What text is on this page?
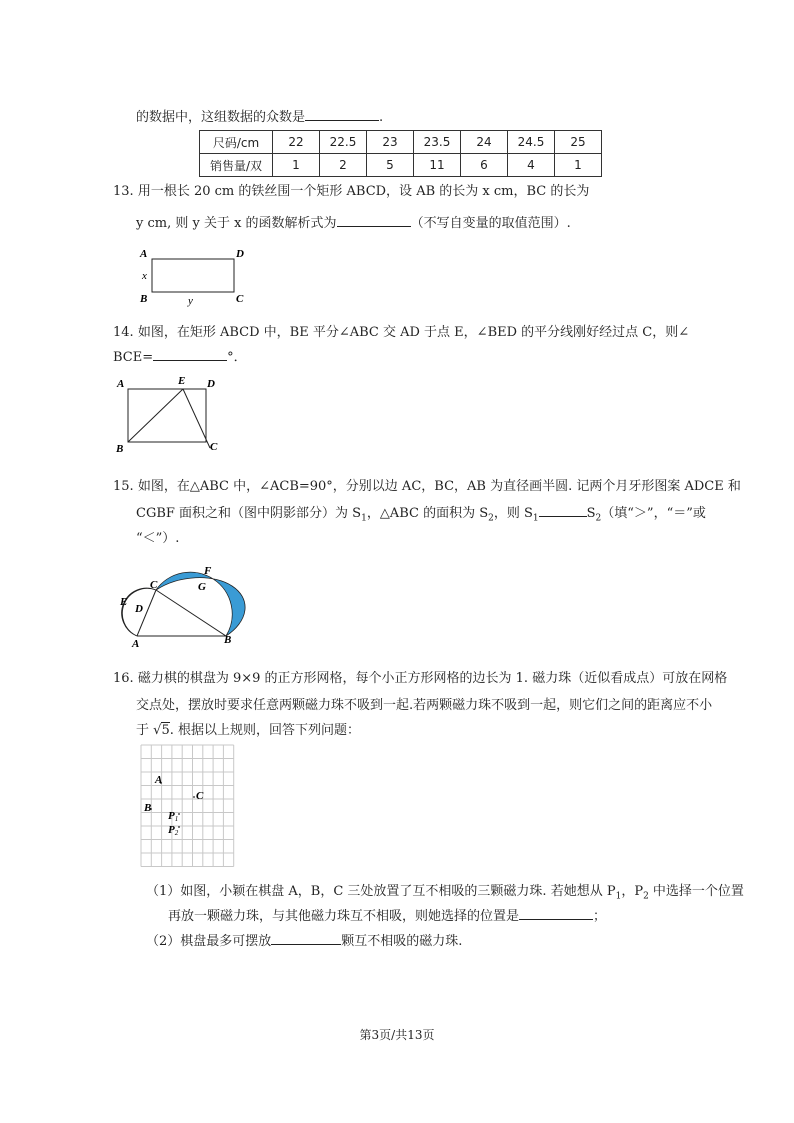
的数据中，这组数据的众数是	.
尺码/cm	22	22.5	23	23.5	24	24.5	25
销售量/双	1	2	5	11	6	4	1
13. 用一根长 20 cm 的铁丝围一个矩形 ABCD，设 AB 的长为 x cm，BC 的长为
y cm, 则 y 关于 x 的函数解析式为	（不写自变量的取值范围）.
A	D
B	C
x
y
14. 如图，在矩形 ABCD 中，BE 平分∠ABC 交 AD 于点 E，∠BED 的平分线刚好经过点 C，则∠
BCE=	°．
A	E D
B	C
15. 如图，在△ABC 中，∠ACB=90°，分别以边 AC，BC，AB 为直径画半圆. 记两个月牙形图案 ADCE 和
CGBF 面积之和（图中阴影部分）为 $S_1$，△ABC 的面积为 $S_2$，则 $S_1$	$S_2$（填“＞”，“＝”或
“＜”）.
A	B
C
D
E
F
G
16. 磁力棋的棋盘为 9×9 的正方形网格，每个小正方形网格的边长为 1. 磁力珠（近似看成点）可放在网格
交点处，摆放时要求任意两颗磁力珠不吸到一起.若两颗磁力珠不吸到一起，则它们之间的距离应不小
于 √5. 根据以上规则，回答下列问题：
A
B
C
P1
P2
（1）如图，小颖在棋盘 A，B，C 三处放置了互不相吸的三颗磁力珠. 若她想从 $P_1$，$P_2$ 中选择一个位置
再放一颗磁力珠，与其他磁力珠互不相吸，则她选择的位置是	；
（2）棋盘最多可摆放	颗互不相吸的磁力珠.
第3页/共13页
